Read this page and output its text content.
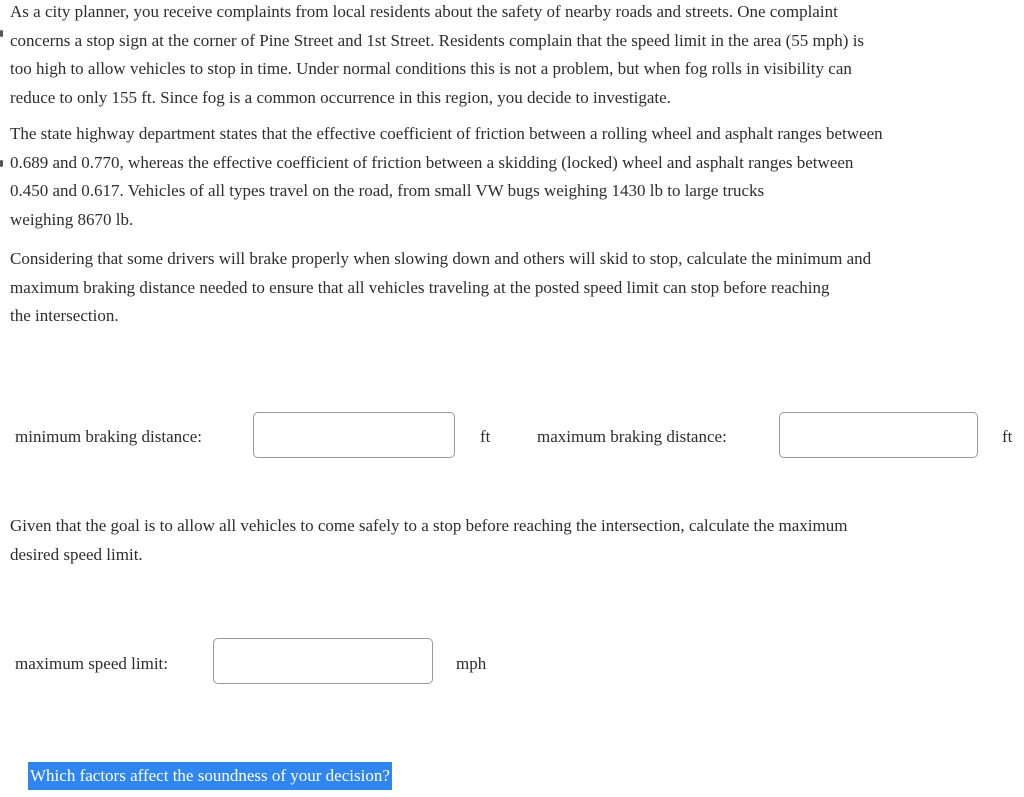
As a city planner, you receive complaints from local residents about the safety of nearby roads and streets. One complaint
concerns a stop sign at the corner of Pine Street and 1st Street. Residents complain that the speed limit in the area (55 mph) is
too high to allow vehicles to stop in time. Under normal conditions this is not a problem, but when fog rolls in visibility can
reduce to only 155 ft. Since fog is a common occurrence in this region, you decide to investigate.

The state highway department states that the effective coefficient of friction between a rolling wheel and asphalt ranges between
0.689 and 0.770, whereas the effective coefficient of friction between a skidding (locked) wheel and asphalt ranges between
0.450 and 0.617. Vehicles of all types travel on the road, from small VW bugs weighing 1430 lb to large trucks
weighing 8670 lb.

Considering that some drivers will brake properly when slowing down and others will skid to stop, calculate the minimum and
maximum braking distance needed to ensure that all vehicles traveling at the posted speed limit can stop before reaching
the intersection.

minimum braking distance:	ft	maximum braking distance:	ft

Given that the goal is to allow all vehicles to come safely to a stop before reaching the intersection, calculate the maximum
desired speed limit.

maximum speed limit:	mph
Which factors affect the soundness of your decision?
